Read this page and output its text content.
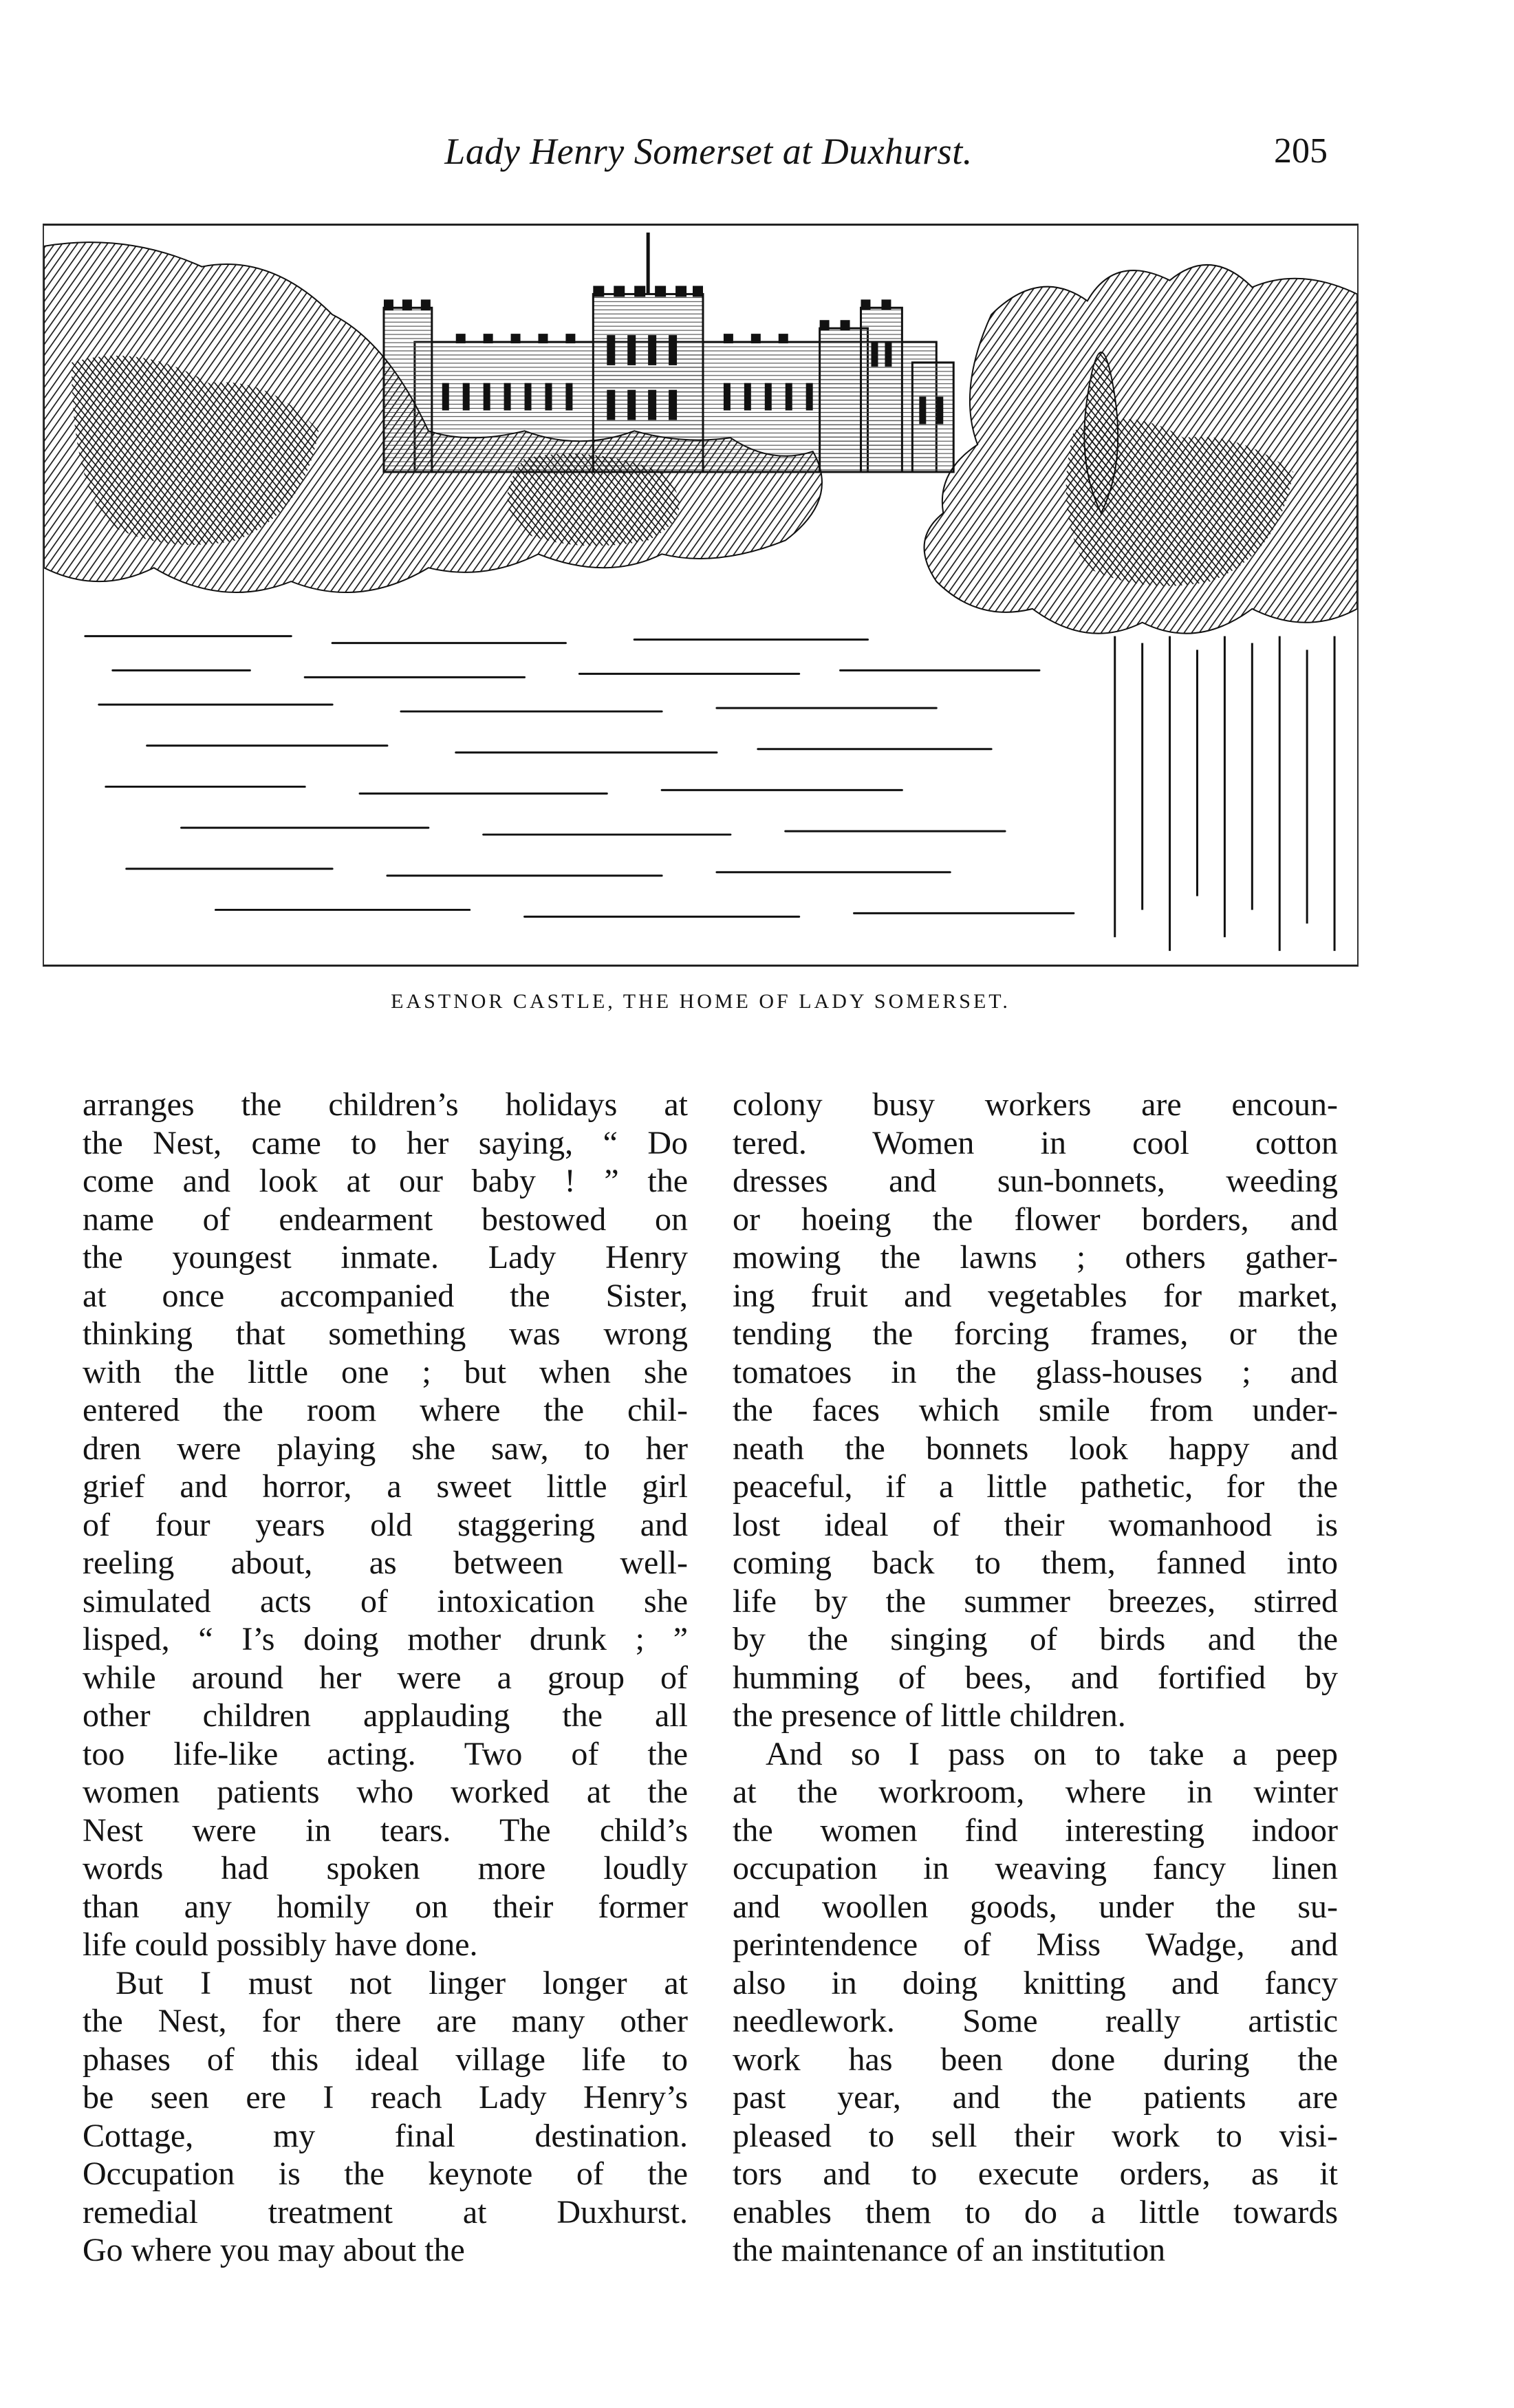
Lady Henry Somerset at Duxhurst.	205
EASTNOR CASTLE, THE HOME OF LADY SOMERSET.
arranges the children’s holidays at
the Nest, came to her saying, “ Do
come and look at our baby ! ” the
name of endearment bestowed on
the youngest inmate. Lady Henry
at once accompanied the Sister,
thinking that something was wrong
with the little one ; but when she
entered the room where the chil-
dren were playing she saw, to her
grief and horror, a sweet little girl
of four years old staggering and
reeling about, as between well-
simulated acts of intoxication she
lisped, “ I’s doing mother drunk ; ”
while around her were a group of
other children applauding the all
too life-like acting. Two of the
women patients who worked at the
Nest were in tears. The child’s
words had spoken more loudly
than any homily on their former
life could possibly have done.
But I must not linger longer at
the Nest, for there are many other
phases of this ideal village life to
be seen ere I reach Lady Henry’s
Cottage, my final destination.
Occupation is the keynote of the
remedial treatment at Duxhurst.
Go where you may about the
colony busy workers are encoun-
tered. Women in cool cotton
dresses and sun-bonnets, weeding
or hoeing the flower borders, and
mowing the lawns ; others gather-
ing fruit and vegetables for market,
tending the forcing frames, or the
tomatoes in the glass-houses ; and
the faces which smile from under-
neath the bonnets look happy and
peaceful, if a little pathetic, for the
lost ideal of their womanhood is
coming back to them, fanned into
life by the summer breezes, stirred
by the singing of birds and the
humming of bees, and fortified by
the presence of little children.
And so I pass on to take a peep
at the workroom, where in winter
the women find interesting indoor
occupation in weaving fancy linen
and woollen goods, under the su-
perintendence of Miss Wadge, and
also in doing knitting and fancy
needlework. Some really artistic
work has been done during the
past year, and the patients are
pleased to sell their work to visi-
tors and to execute orders, as it
enables them to do a little towards
the maintenance of an institution
